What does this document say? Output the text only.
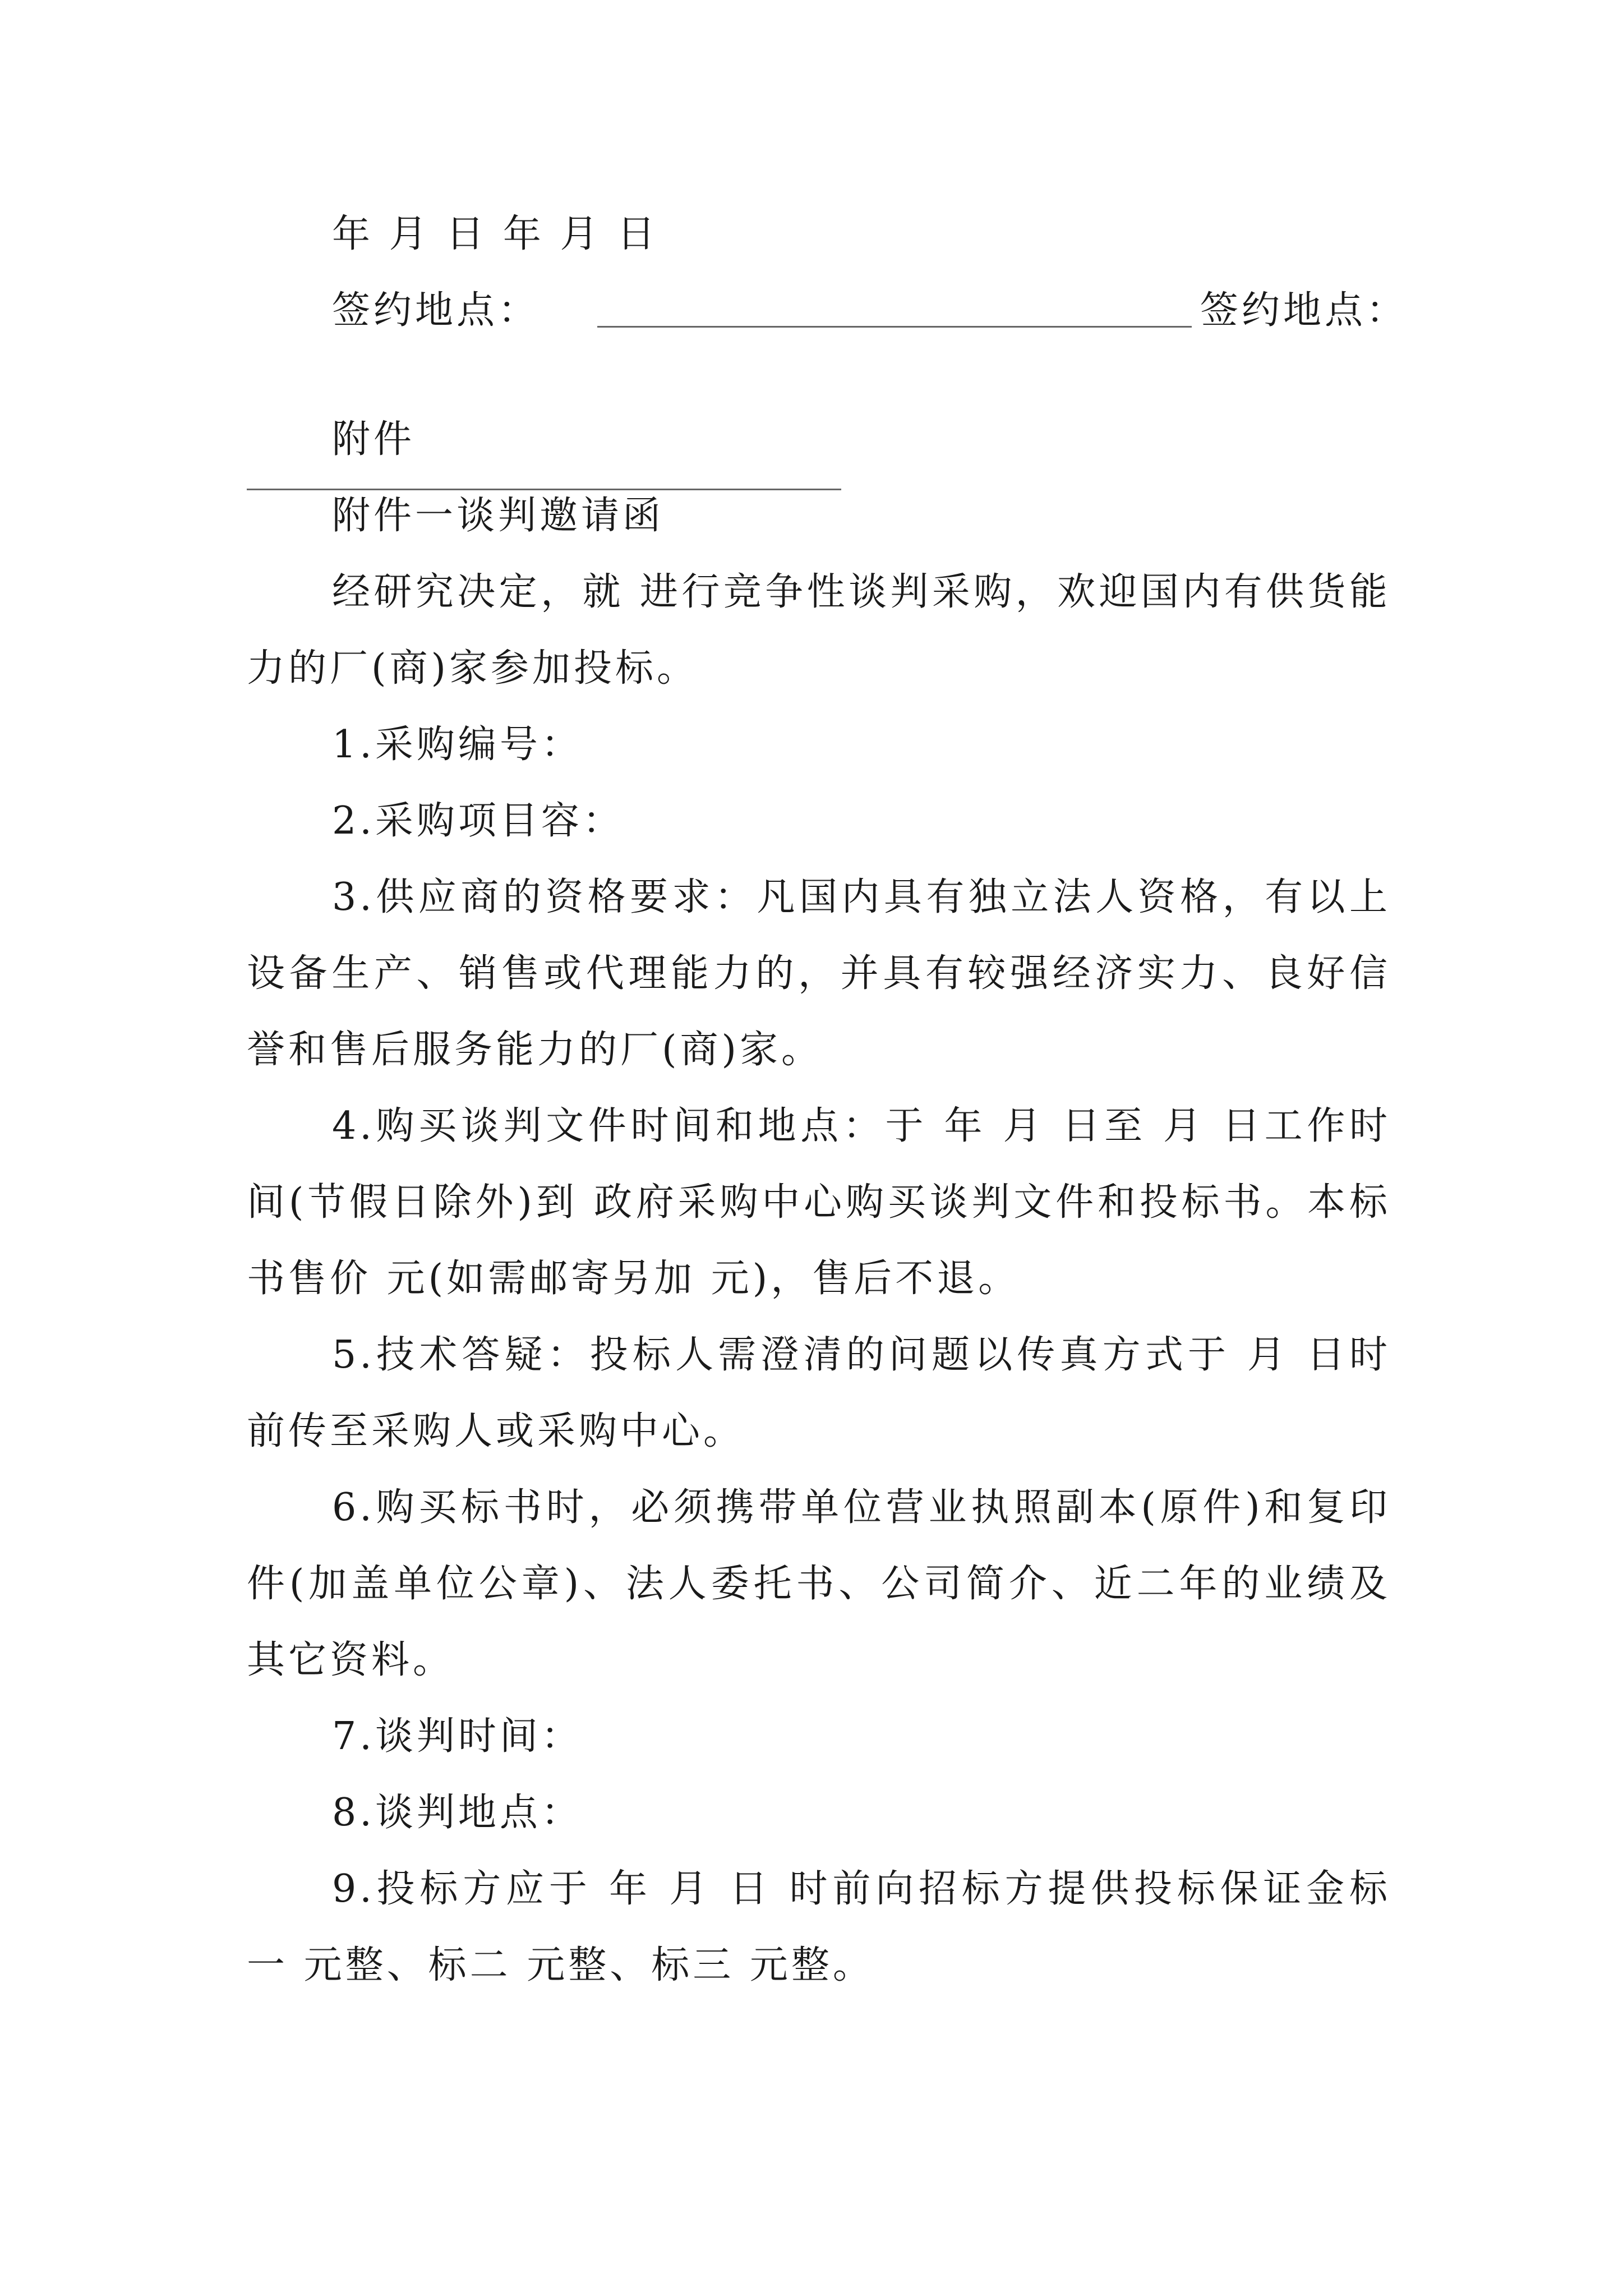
年 月 日 年 月 日

签约地点：	签约地点：

附件

附件一谈判邀请函

经研究决定，就 进行竞争性谈判采购，欢迎国内有供货能力的厂(商)家参加投标。

1.采购编号：

2.采购项目容：

3.供应商的资格要求：凡国内具有独立法人资格，有以上设备生产、销售或代理能力的，并具有较强经济实力、良好信誉和售后服务能力的厂(商)家。

4.购买谈判文件时间和地点：于 年 月 日至 月 日工作时间(节假日除外)到 政府采购中心购买谈判文件和投标书。本标书售价 元(如需邮寄另加 元)，售后不退。

5.技术答疑：投标人需澄清的问题以传真方式于 月 日时前传至采购人或采购中心。

6.购买标书时，必须携带单位营业执照副本(原件)和复印件(加盖单位公章)、法人委托书、公司简介、近二年的业绩及其它资料。

7.谈判时间：

8.谈判地点：

9.投标方应于 年 月 日 时前向招标方提供投标保证金标一 元整、标二 元整、标三 元整。
